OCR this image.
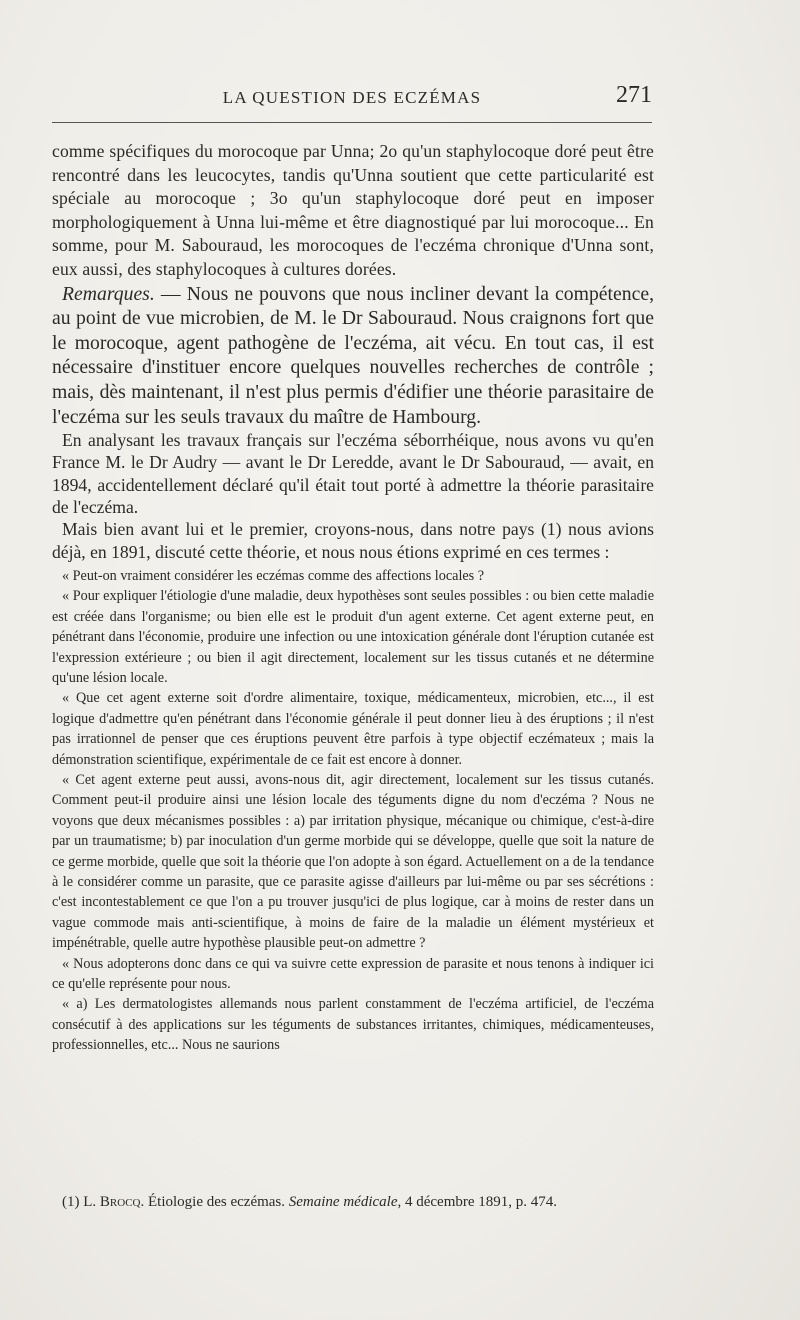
LA QUESTION DES ECZÉMAS	271

comme spécifiques du morocoque par Unna; 2o qu'un staphylocoque doré peut être rencontré dans les leucocytes, tandis qu'Unna soutient que cette particularité est spéciale au morocoque ; 3o qu'un staphylocoque doré peut en imposer morphologiquement à Unna lui-même et être diagnostiqué par lui morocoque... En somme, pour M. Sabouraud, les morocoques de l'eczéma chronique d'Unna sont, eux aussi, des staphylocoques à cultures dorées.

Remarques. — Nous ne pouvons que nous incliner devant la compétence, au point de vue microbien, de M. le Dr Sabouraud. Nous craignons fort que le morocoque, agent pathogène de l'eczéma, ait vécu. En tout cas, il est nécessaire d'instituer encore quelques nouvelles recherches de contrôle ; mais, dès maintenant, il n'est plus permis d'édifier une théorie parasitaire de l'eczéma sur les seuls travaux du maître de Hambourg.

En analysant les travaux français sur l'eczéma séborrhéique, nous avons vu qu'en France M. le Dr Audry — avant le Dr Leredde, avant le Dr Sabouraud, — avait, en 1894, accidentellement déclaré qu'il était tout porté à admettre la théorie parasitaire de l'eczéma.

Mais bien avant lui et le premier, croyons-nous, dans notre pays (1) nous avions déjà, en 1891, discuté cette théorie, et nous nous étions exprimé en ces termes :

« Peut-on vraiment considérer les eczémas comme des affections locales ?

« Pour expliquer l'étiologie d'une maladie, deux hypothèses sont seules possibles : ou bien cette maladie est créée dans l'organisme; ou bien elle est le produit d'un agent externe. Cet agent externe peut, en pénétrant dans l'économie, produire une infection ou une intoxication générale dont l'éruption cutanée est l'expression extérieure ; ou bien il agit directement, localement sur les tissus cutanés et ne détermine qu'une lésion locale.

« Que cet agent externe soit d'ordre alimentaire, toxique, médicamenteux, microbien, etc..., il est logique d'admettre qu'en pénétrant dans l'économie générale il peut donner lieu à des éruptions ; il n'est pas irrationnel de penser que ces éruptions peuvent être parfois à type objectif eczémateux ; mais la démonstration scientifique, expérimentale de ce fait est encore à donner.

« Cet agent externe peut aussi, avons-nous dit, agir directement, localement sur les tissus cutanés. Comment peut-il produire ainsi une lésion locale des téguments digne du nom d'eczéma ? Nous ne voyons que deux mécanismes possibles : a) par irritation physique, mécanique ou chimique, c'est-à-dire par un traumatisme; b) par inoculation d'un germe morbide qui se développe, quelle que soit la nature de ce germe morbide, quelle que soit la théorie que l'on adopte à son égard. Actuellement on a de la tendance à le considérer comme un parasite, que ce parasite agisse d'ailleurs par lui-même ou par ses sécrétions : c'est incontestablement ce que l'on a pu trouver jusqu'ici de plus logique, car à moins de rester dans un vague commode mais anti-scientifique, à moins de faire de la maladie un élément mystérieux et impénétrable, quelle autre hypothèse plausible peut-on admettre ?

« Nous adopterons donc dans ce qui va suivre cette expression de parasite et nous tenons à indiquer ici ce qu'elle représente pour nous.

« a) Les dermatologistes allemands nous parlent constamment de l'eczéma artificiel, de l'eczéma consécutif à des applications sur les téguments de substances irritantes, chimiques, médicamenteuses, professionnelles, etc... Nous ne saurions

(1) L. Brocq. Étiologie des eczémas. Semaine médicale, 4 décembre 1891, p. 474.
